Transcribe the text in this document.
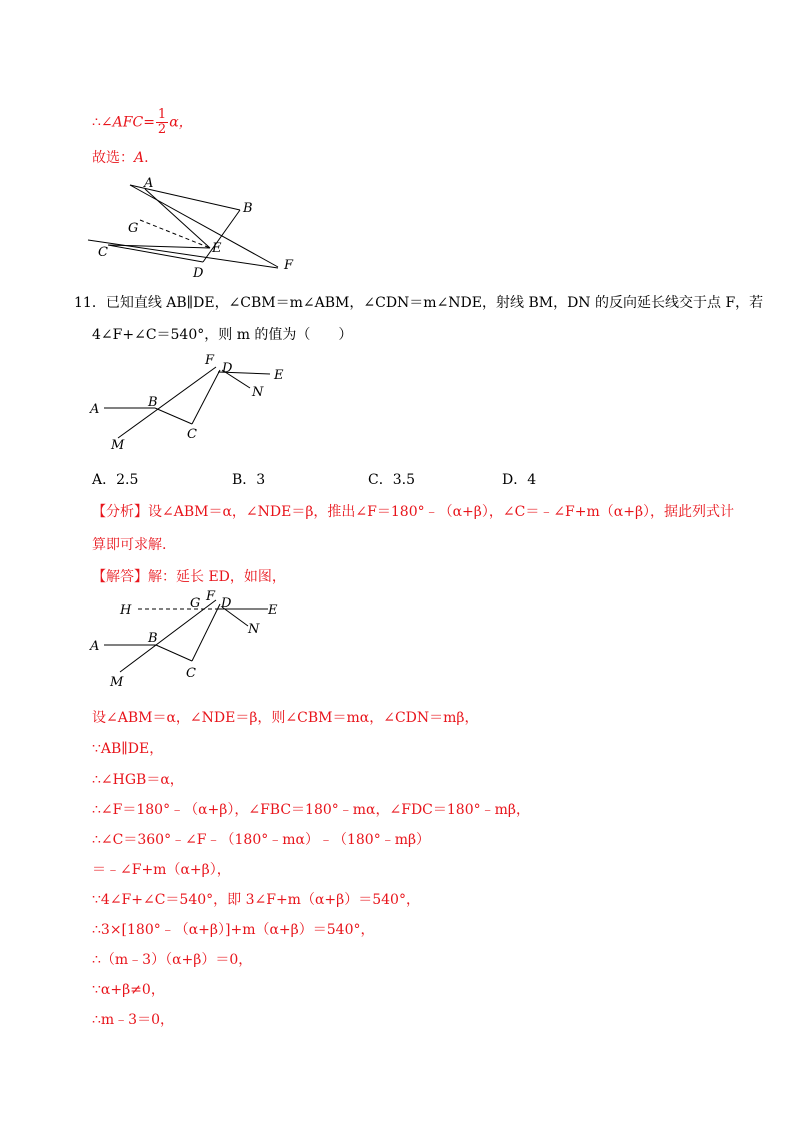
∴∠AFC= $\frac{1}{2}$ α，
故选：A.
A
B
G
E
C
D
F
11．已知直线 AB∥DE，∠CBM＝m∠ABM，∠CDN＝m∠NDE，射线 BM，DN 的反向延长线交于点 F，若
4∠F+∠C＝540°，则 m 的值为（　　）
F
D	E
N
A	B
C
M
A．2.5	B．3	C．3.5	D．4
【分析】设∠ABM＝α，∠NDE＝β，推出∠F＝180°﹣（α+β），∠C＝﹣∠F+m（α+β），据此列式计
算即可求解.
【解答】解：延长 ED，如图，
H	G F D	E
N
A
B
C
M
设∠ABM＝α，∠NDE＝β，则∠CBM＝mα，∠CDN＝mβ，
∵AB∥DE，
∴∠HGB＝α，
∴∠F＝180°﹣（α+β），∠FBC＝180°﹣mα，∠FDC＝180°﹣mβ，
∴∠C＝360°﹣∠F﹣（180°﹣mα）﹣（180°﹣mβ）
＝﹣∠F+m（α+β），
∵4∠F+∠C＝540°，即 3∠F+m（α+β）＝540°，
∴3×[180°﹣（α+β）]+m（α+β）＝540°，
∴（m﹣3）（α+β）＝0，
∵α+β≠0，
∴m﹣3＝0，
